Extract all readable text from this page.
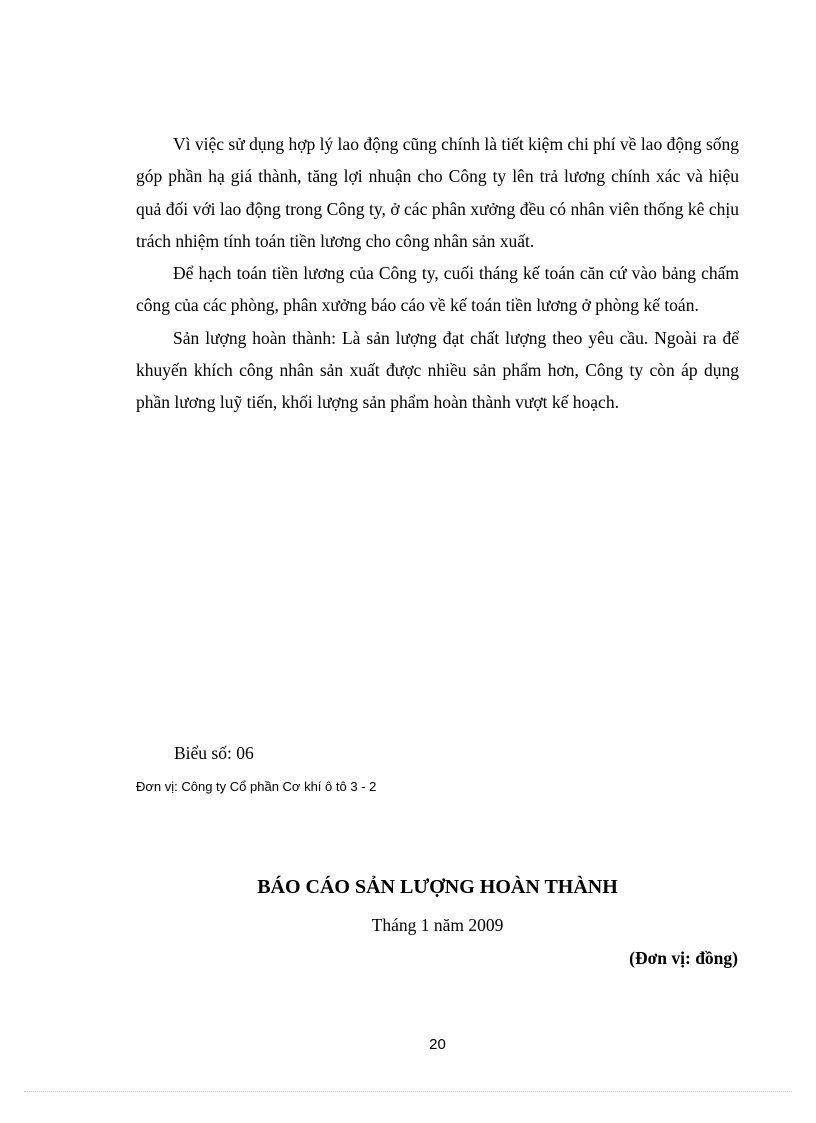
Vì việc sử dụng hợp lý lao động cũng chính là tiết kiệm chi phí về lao động sống góp phần hạ giá thành, tăng lợi nhuận cho Công ty lên trả lương chính xác và hiệu quả đối với lao động trong Công ty, ở các phân xưởng đều có nhân viên thống kê chịu trách nhiệm tính toán tiền lương cho công nhân sản xuất.

Để hạch toán tiền lương của Công ty, cuối tháng kế toán căn cứ vào bảng chấm công của các phòng, phân xưởng báo cáo về kế toán tiền lương ở phòng kế toán.

Sản lượng hoàn thành: Là sản lượng đạt chất lượng theo yêu cầu. Ngoài ra để khuyến khích công nhân sản xuất được nhiều sản phẩm hơn, Công ty còn áp dụng phần lương luỹ tiến, khối lượng sản phẩm hoàn thành vượt kế hoạch.

Biểu số: 06

Đơn vị: Công ty Cổ phần Cơ khí ô tô 3 - 2

BÁO CÁO SẢN LƯỢNG HOÀN THÀNH

Tháng 1 năm 2009

(Đơn vị: đồng)

20
